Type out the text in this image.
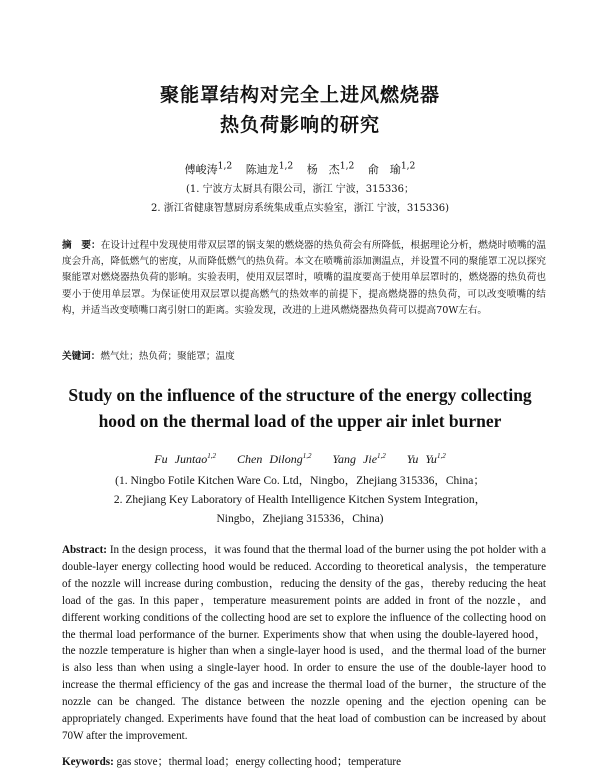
聚能罩结构对完全上进风燃烧器
热负荷影响的研究
傅峻涛$^{1,2}$ 陈迪龙$^{1,2}$ 杨　杰$^{1,2}$ 俞　瑜$^{1,2}$
(1. 宁波方太厨具有限公司，浙江 宁波，315336；
2. 浙江省健康智慧厨房系统集成重点实验室，浙江 宁波，315336)
摘　要：在设计过程中发现使用带双层罩的锅支架的燃烧器的热负荷会有所降低，根据理论分析，燃烧时喷嘴的温度会升高，降低燃气的密度，从而降低燃气的热负荷。本文在喷嘴前添加测温点，并设置不同的聚能罩工况以探究聚能罩对燃烧器热负荷的影响。实验表明，使用双层罩时，喷嘴的温度要高于使用单层罩时的，燃烧器的热负荷也要小于使用单层罩。为保证使用双层罩以提高燃气的热效率的前提下，提高燃烧器的热负荷，可以改变喷嘴的结构，并适当改变喷嘴口离引射口的距离。实验发现，改进的上进风燃烧器热负荷可以提高70W左右。
关键词：燃气灶；热负荷；聚能罩；温度
Study on the influence of the structure of the energy collecting
hood on the thermal load of the upper air inlet burner
Fu Juntao$^{1,2}$ Chen Dilong$^{1,2}$ Yang Jie$^{1,2}$ Yu Yu$^{1,2}$
(1. Ningbo Fotile Kitchen Ware Co. Ltd，Ningbo，Zhejiang 315336，China；
2. Zhejiang Key Laboratory of Health Intelligence Kitchen System Integration，
Ningbo，Zhejiang 315336，China)
Abstract: In the design process，it was found that the thermal load of the burner using the pot holder with a double-layer energy collecting hood would be reduced. According to theoretical analysis，the temperature of the nozzle will increase during combustion，reducing the density of the gas，thereby reducing the heat load of the gas. In this paper，temperature measurement points are added in front of the nozzle，and different working conditions of the collecting hood are set to explore the influence of the collecting hood on the thermal load performance of the burner. Experiments show that when using the double-layered hood，the nozzle temperature is higher than when a single-layer hood is used，and the thermal load of the burner is also less than when using a single-layer hood. In order to ensure the use of the double-layer hood to increase the thermal efficiency of the gas and increase the thermal load of the burner，the structure of the nozzle can be changed. The distance between the nozzle opening and the ejection opening can be appropriately changed. Experiments have found that the heat load of combustion can be increased by about 70W after the improvement.
Keywords: gas stove；thermal load；energy collecting hood；temperature
